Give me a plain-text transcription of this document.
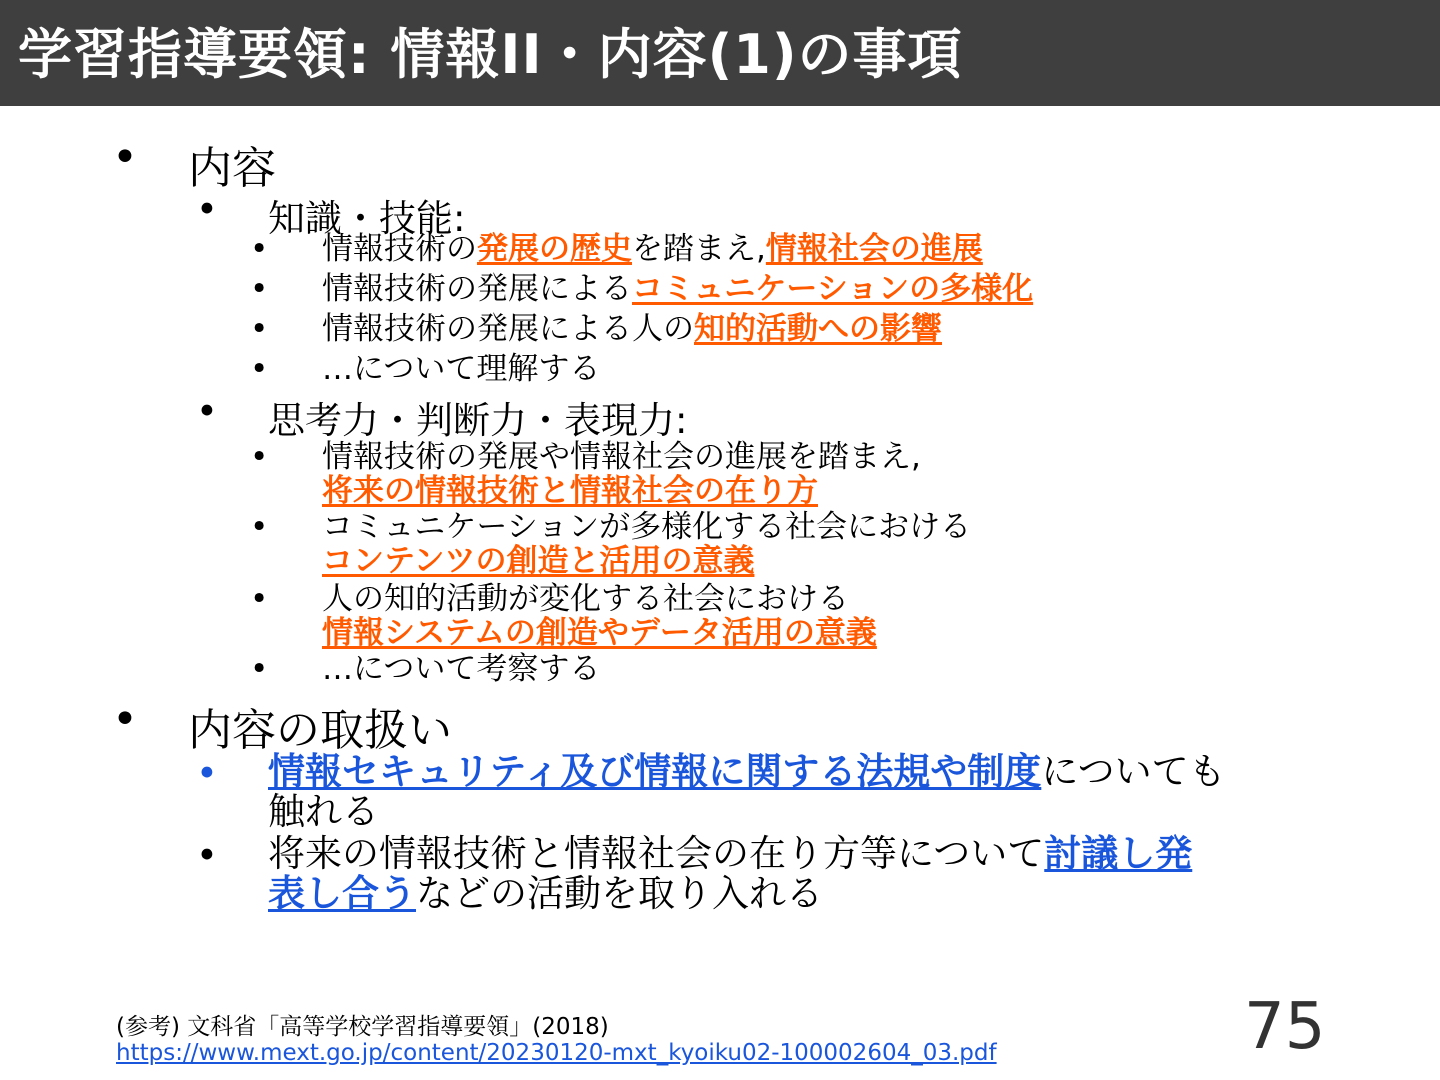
学習指導要領: 情報II・内容(1)の事項
• 内容
• 知識・技能:
• 情報技術の発展の歴史を踏まえ,情報社会の進展
• 情報技術の発展によるコミュニケーションの多様化
• 情報技術の発展による人の知的活動への影響
• …について理解する
• 思考力・判断力・表現力:
• 情報技術の発展や情報社会の進展を踏まえ,
将来の情報技術と情報社会の在り方
• コミュニケーションが多様化する社会における
コンテンツの創造と活用の意義
• 人の知的活動が変化する社会における
情報システムの創造やデータ活用の意義
• …について考察する
• 内容の取扱い
• 情報セキュリティ及び情報に関する法規や制度についても
触れる
• 将来の情報技術と情報社会の在り方等について討議し発
表し合うなどの活動を取り入れる
(参考) 文科省「高等学校学習指導要領」(2018)
https://www.mext.go.jp/content/20230120-mxt_kyoiku02-100002604_03.pdf	75
